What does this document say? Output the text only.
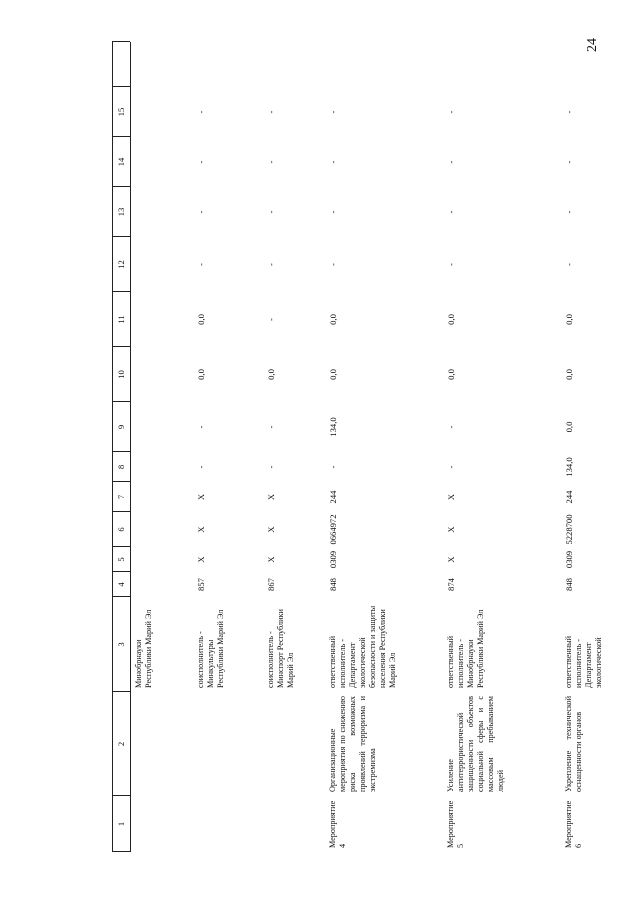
24
1
2
3
4
5
6
7
8
9
10
11
12
13
14
15
Минобрнауки Республики Марий Эл	соисполнитель - Минкультуры Республики Марий Эл
857
Х
Х
Х
-
-
0,0
0,0
-
-
-
-
соисполнитель - Минспорт Республики Марий Эл
867
Х
Х
Х
-
-
0,0
-
-
-
-
-
Мероприятие 4
Организационные мероприятия по снижению риска возможных проявлений терроризма и экстремизма
ответственный исполнитель - Департамент экологической безопасности и защиты населения Республики Марий Эл
848
0309
0664972
244
-
134,0
0,0
0,0
-
-
-
-
Мероприятие 5
Усиление антитеррористической защищенности объектов социальной сферы и с массовым пребыванием людей
ответственный исполнитель - Минобрнауки Республики Марий Эл
874
Х
Х
Х
-
-
0,0
0,0
-
-
-
-
Мероприятие 6
Укрепление технической оснащенности органов
ответственный исполнитель - Департамент экологической
848
0309
5228700
244
134,0
0,0
0,0
0,0
-
-
-
-
